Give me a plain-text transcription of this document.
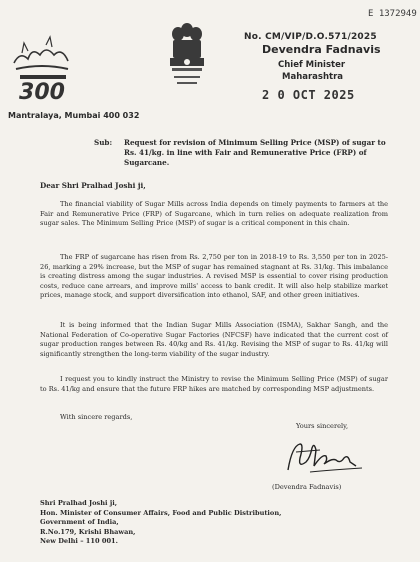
E 1372949
300
No. CM/VIP/D.O.571/2025
Devendra Fadnavis
Chief Minister
Maharashtra
2 0 OCT 2025
Mantralaya, Mumbai 400 032
Sub: Request for revision of Minimum Selling Price (MSP) of sugar to Rs. 41/kg. in line with Fair and Remunerative Price (FRP) of Sugarcane.
Dear Shri Pralhad Joshi ji,
The financial viability of Sugar Mills across India depends on timely payments to farmers at the Fair and Remunerative Price (FRP) of Sugarcane, which in turn relies on adequate realization from sugar sales. The Minimum Selling Price (MSP) of sugar is a critical component in this chain.
The FRP of sugarcane has risen from Rs. 2,750 per ton in 2018-19 to Rs. 3,550 per ton in 2025-26, marking a 29% increase, but the MSP of sugar has remained stagnant at Rs. 31/kg. This imbalance is creating distress among the sugar industries. A revised MSP is essential to cover rising production costs, reduce cane arrears, and improve mills' access to bank credit. It will also help stabilize market prices, manage stock, and support diversification into ethanol, SAF, and other green initiatives.
It is being informed that the Indian Sugar Mills Association (ISMA), Sakhar Sangh, and the National Federation of Co-operative Sugar Factories (NFCSF) have indicated that the current cost of sugar production ranges between Rs. 40/kg and Rs. 41/kg. Revising the MSP of sugar to Rs. 41/kg will significantly strengthen the long-term viability of the sugar industry.
I request you to kindly instruct the Ministry to revise the Minimum Selling Price (MSP) of sugar to Rs. 41/kg and ensure that the future FRP hikes are matched by corresponding MSP adjustments.
With sincere regards,
Yours sincerely,
(Devendra Fadnavis)
Shri Pralhad Joshi ji,
Hon. Minister of Consumer Affairs, Food and Public Distribution,
Government of India,
R.No.179, Krishi Bhawan,
New Delhi – 110 001.
